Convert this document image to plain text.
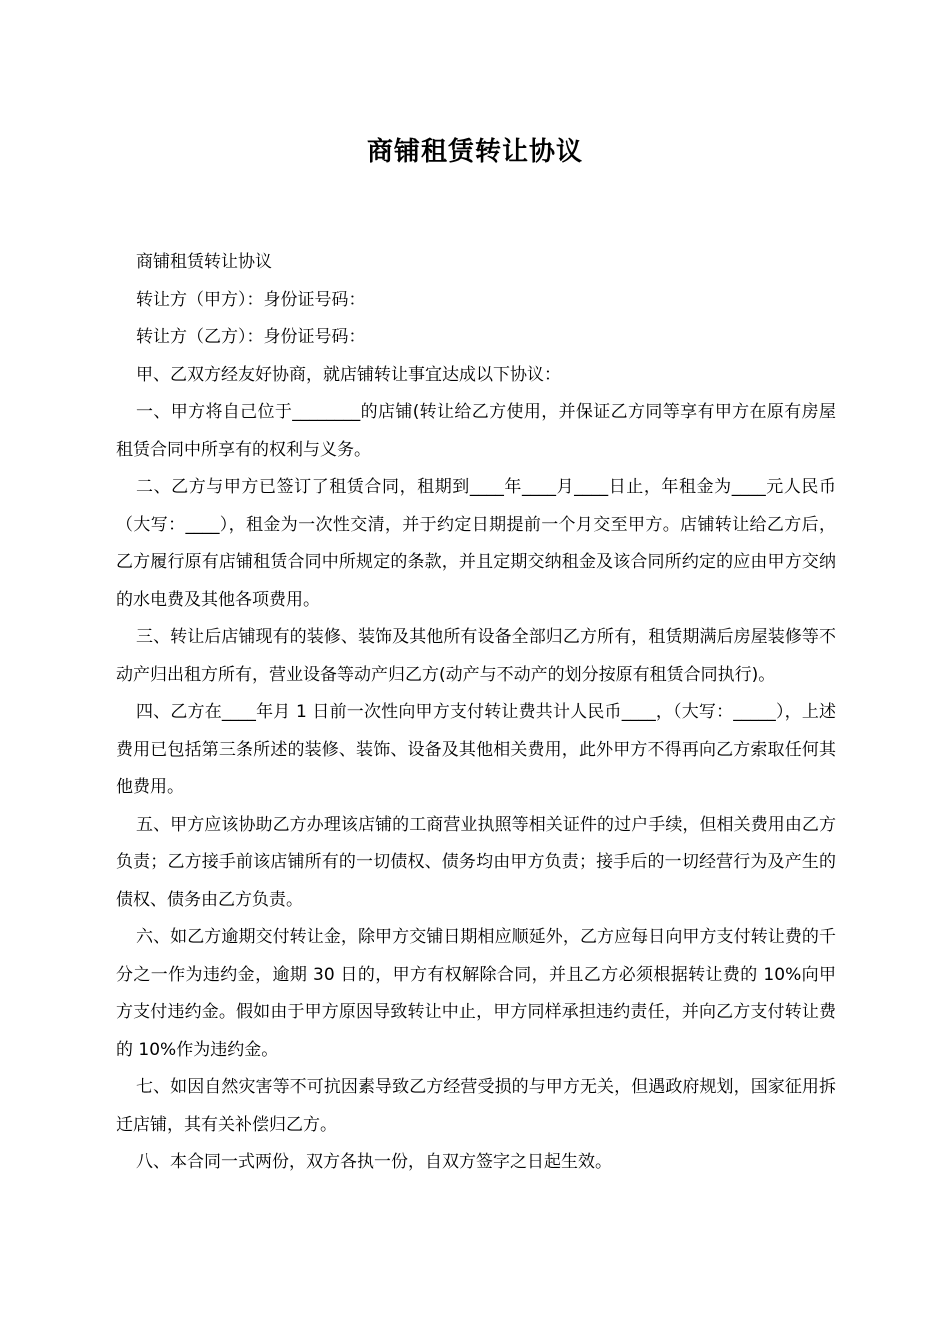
商铺租赁转让协议

商铺租赁转让协议

转让方（甲方）：身份证号码：

转让方（乙方）：身份证号码：

甲、乙双方经友好协商，就店铺转让事宜达成以下协议：

一、甲方将自己位于________的店铺(转让给乙方使用，并保证乙方同等享有甲方在原有房屋租赁合同中所享有的权利与义务。

二、乙方与甲方已签订了租赁合同，租期到____年____月____日止，年租金为____元人民币（大写：____），租金为一次性交清，并于约定日期提前一个月交至甲方。店铺转让给乙方后，乙方履行原有店铺租赁合同中所规定的条款，并且定期交纳租金及该合同所约定的应由甲方交纳的水电费及其他各项费用。

三、转让后店铺现有的装修、装饰及其他所有设备全部归乙方所有，租赁期满后房屋装修等不动产归出租方所有，营业设备等动产归乙方(动产与不动产的划分按原有租赁合同执行)。

四、乙方在____年月 1 日前一次性向甲方支付转让费共计人民币____，（大写：_____），上述费用已包括第三条所述的装修、装饰、设备及其他相关费用，此外甲方不得再向乙方索取任何其他费用。

五、甲方应该协助乙方办理该店铺的工商营业执照等相关证件的过户手续，但相关费用由乙方负责；乙方接手前该店铺所有的一切债权、债务均由甲方负责；接手后的一切经营行为及产生的债权、债务由乙方负责。

六、如乙方逾期交付转让金，除甲方交铺日期相应顺延外，乙方应每日向甲方支付转让费的千分之一作为违约金，逾期 30 日的，甲方有权解除合同，并且乙方必须根据转让费的 10%向甲方支付违约金。假如由于甲方原因导致转让中止，甲方同样承担违约责任，并向乙方支付转让费的 10%作为违约金。

七、如因自然灾害等不可抗因素导致乙方经营受损的与甲方无关，但遇政府规划，国家征用拆迁店铺，其有关补偿归乙方。

八、本合同一式两份，双方各执一份，自双方签字之日起生效。
